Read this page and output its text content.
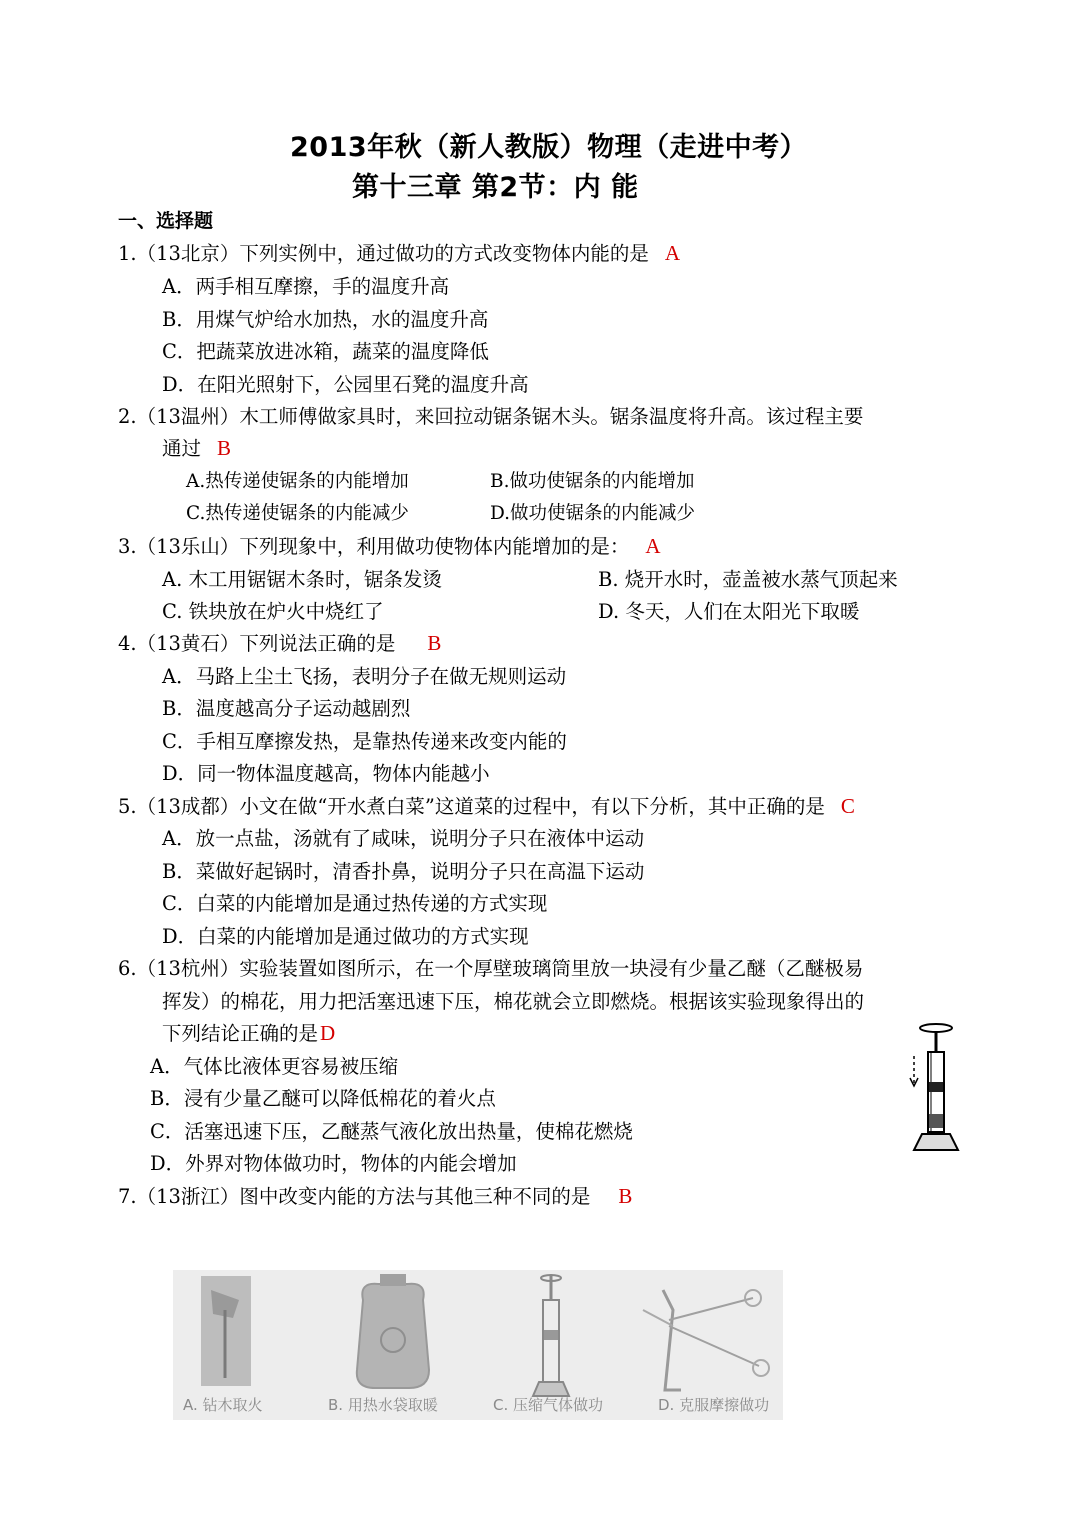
2013年秋（新人教版）物理（走进中考）
第十三章 第2节：内 能
一、选择题
1.（13北京）下列实例中，通过做功的方式改变物体内能的是 A
A．两手相互摩擦，手的温度升高
B．用煤气炉给水加热，水的温度升高
C．把蔬菜放进冰箱，蔬菜的温度降低
D．在阳光照射下，公园里石凳的温度升高
2.（13温州）木工师傅做家具时，来回拉动锯条锯木头。锯条温度将升高。该过程主要
通过 B
A.热传递使锯条的内能增加	B.做功使锯条的内能增加
C.热传递使锯条的内能减少	D.做功使锯条的内能减少
3.（13乐山）下列现象中，利用做功使物体内能增加的是： A
A. 木工用锯锯木条时，锯条发烫	B. 烧开水时，壶盖被水蒸气顶起来
C. 铁块放在炉火中烧红了	D. 冬天，人们在太阳光下取暖
4.（13黄石）下列说法正确的是 B
A．马路上尘土飞扬，表明分子在做无规则运动
B．温度越高分子运动越剧烈
C．手相互摩擦发热，是靠热传递来改变内能的
D．同一物体温度越高，物体内能越小
5.（13成都）小文在做“开水煮白菜”这道菜的过程中，有以下分析，其中正确的是 C
A．放一点盐，汤就有了咸味，说明分子只在液体中运动
B．菜做好起锅时，清香扑鼻，说明分子只在高温下运动
C．白菜的内能增加是通过热传递的方式实现
D．白菜的内能增加是通过做功的方式实现
6.（13杭州）实验装置如图所示，在一个厚壁玻璃筒里放一块浸有少量乙醚（乙醚极易
挥发）的棉花，用力把活塞迅速下压，棉花就会立即燃烧。根据该实验现象得出的
下列结论正确的是D
A．气体比液体更容易被压缩
B．浸有少量乙醚可以降低棉花的着火点
C．活塞迅速下压，乙醚蒸气液化放出热量，使棉花燃烧
D．外界对物体做功时，物体的内能会增加
7.（13浙江）图中改变内能的方法与其他三种不同的是 B
A. 钻木取火	B. 用热水袋取暖	C. 压缩气体做功	D. 克服摩擦做功
